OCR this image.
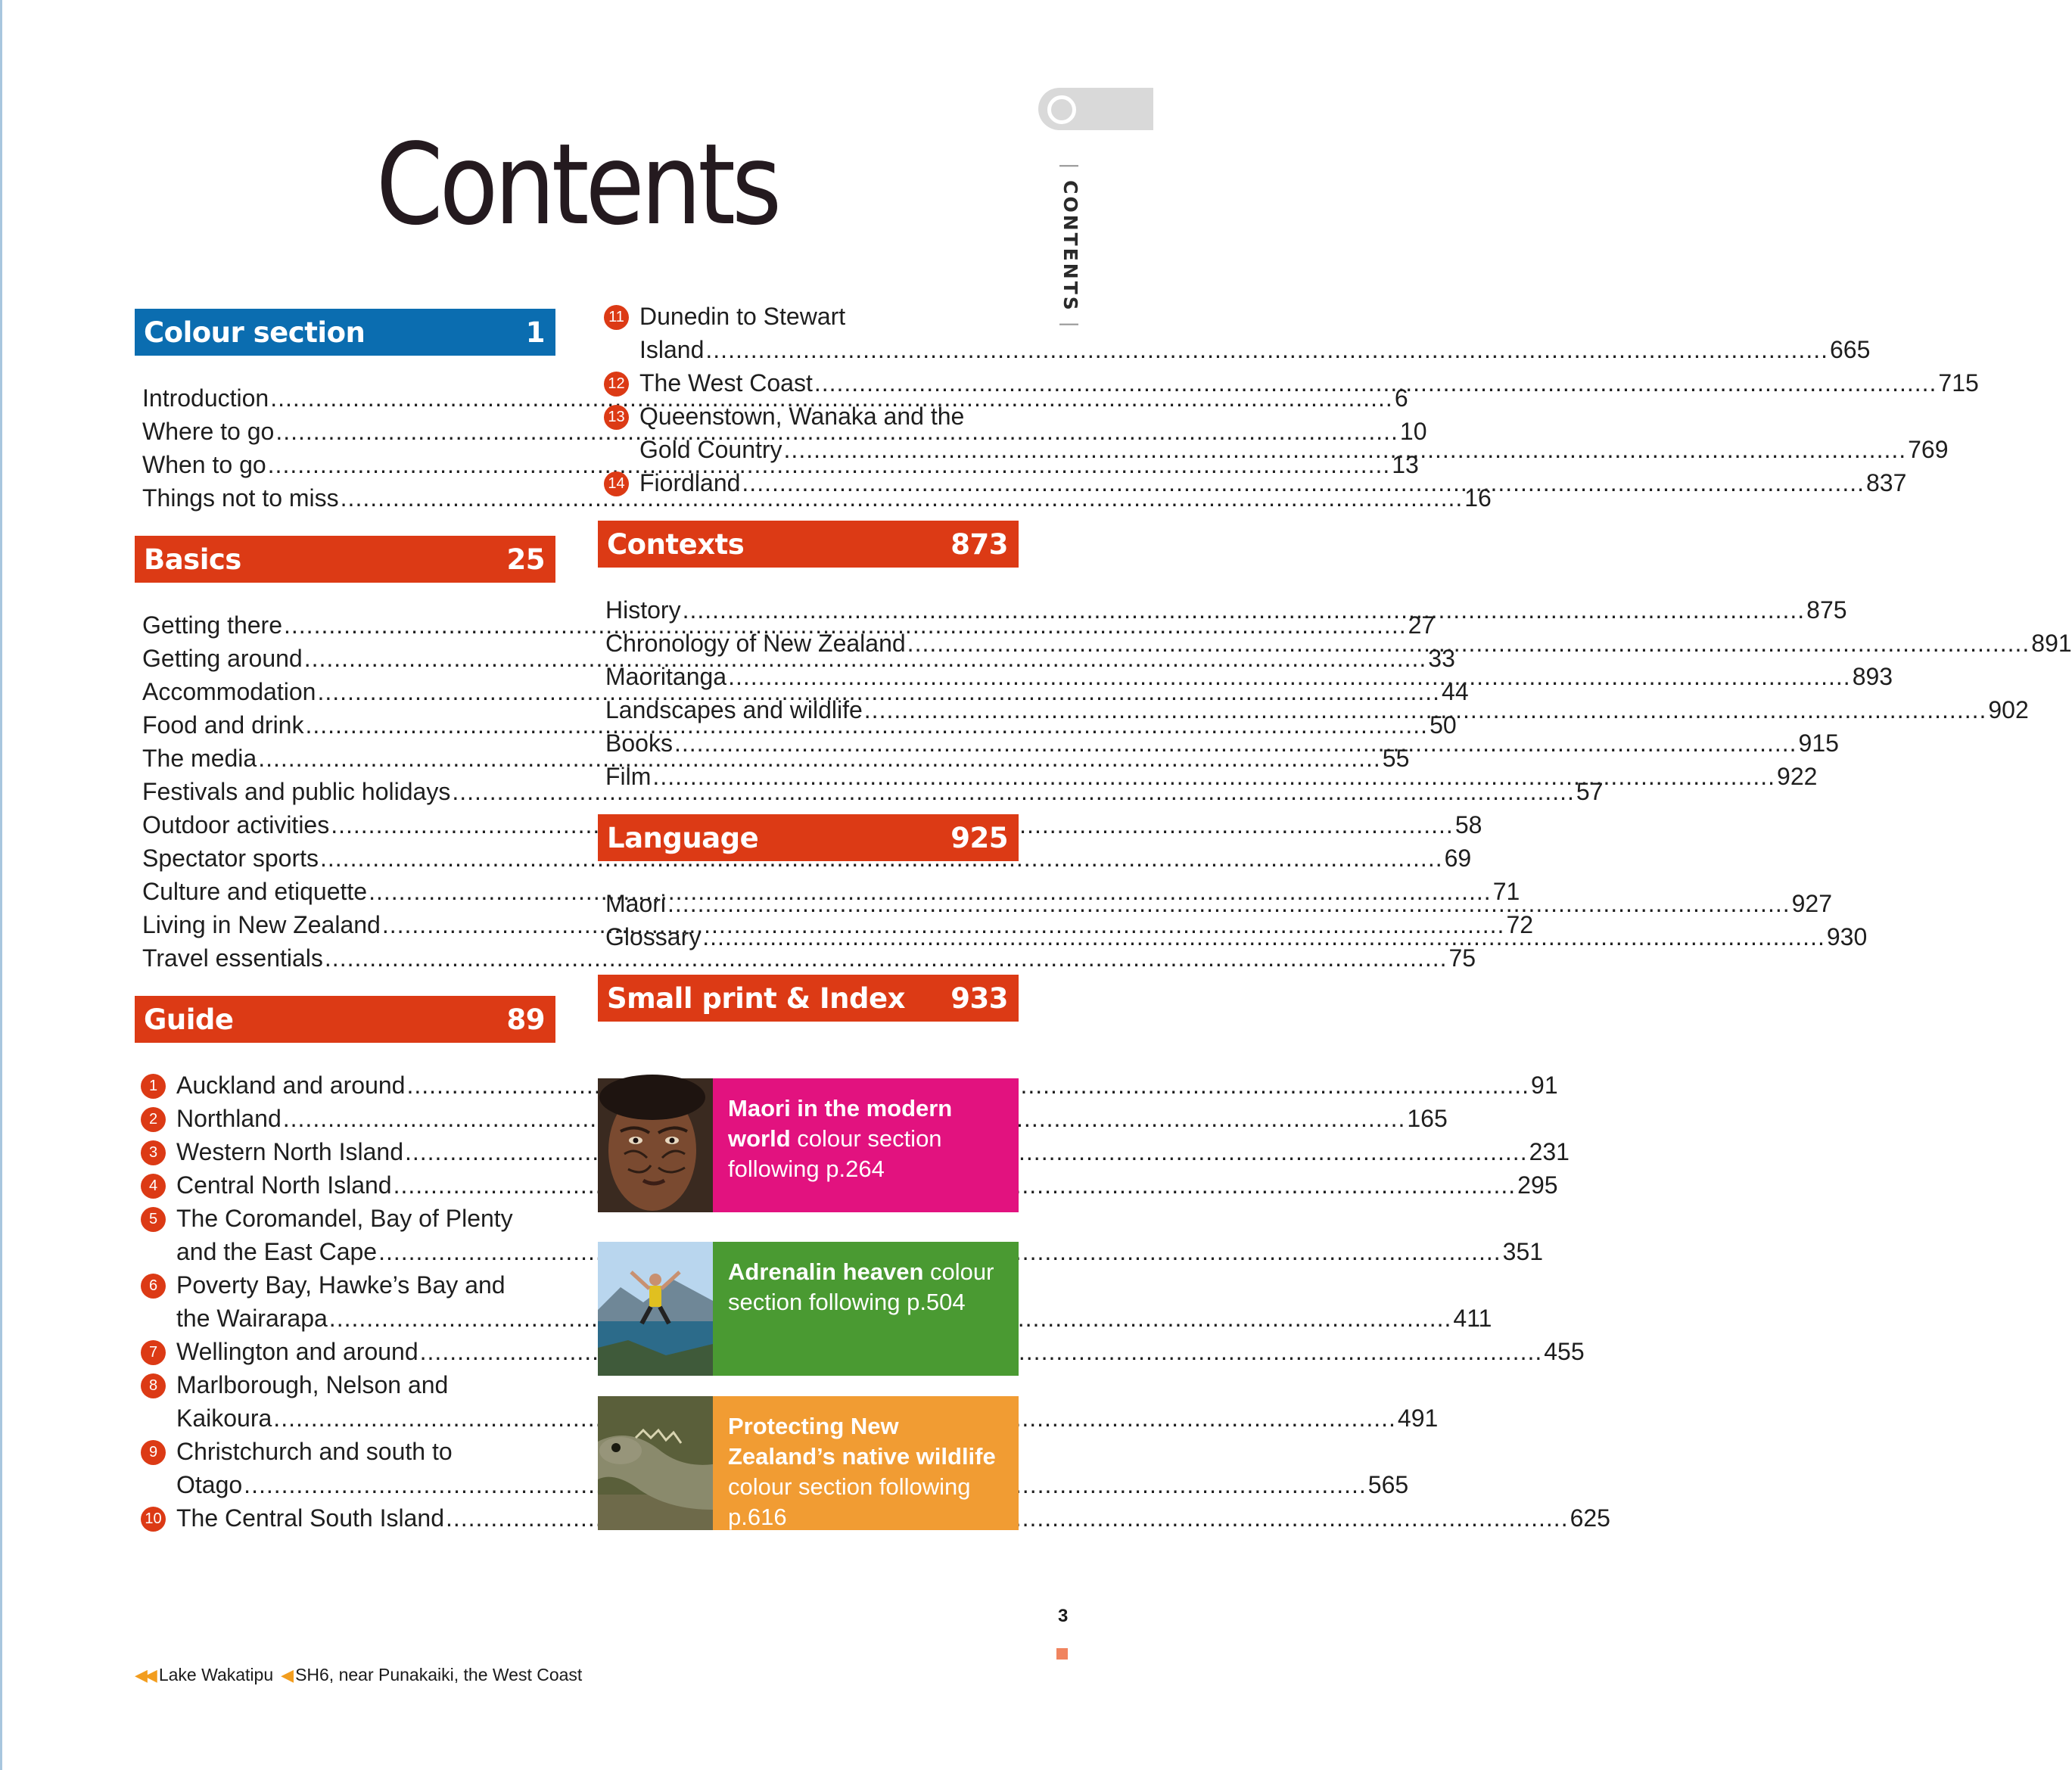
Contents	| CONTENTS |
Colour section	1
Introduction .....	6
Where to go .....	10
When to go .....	13
Things not to miss .....	16
Basics	25
Getting there .....	27
Getting around .....	33
Accommodation .....	44
Food and drink .....	50
The media .....	55
Festivals and public holidays .....	57
Outdoor activities .....	58
Spectator sports .....	69
Culture and etiquette .....	71
Living in New Zealand .....	72
Travel essentials .....	75
Guide	89
1 Auckland and around .....	91
2 Northland .....	165
3 Western North Island .....	231
4 Central North Island .....	295
5 The Coromandel, Bay of Plenty
and the East Cape .....	351
6 Poverty Bay, Hawke’s Bay and
the Wairarapa .....	411
7 Wellington and around .....	455
8 Marlborough, Nelson and
Kaikoura .....	491
9 Christchurch and south to
Otago .....	565
10 The Central South Island .....	625
11 Dunedin to Stewart
Island .....	665
12 The West Coast .....	715
13 Queenstown, Wanaka and the
Gold Country .....	769
14 Fiordland .....	837
Contexts	873
History .....	875
Chronology of New Zealand .....	891
Maoritanga .....	893
Landscapes and wildlife .....	902
Books .....	915
Film .....	922
Language	925
Maori .....	927
Glossary .....	930
Small print & Index 933
Maori in the modern world colour section following p.264
Adrenalin heaven colour section following p.504
Protecting New Zealand’s native wildlife colour section following p.616
3
◀◀ Lake Wakatipu ◀ SH6, near Punakaiki, the West Coast
